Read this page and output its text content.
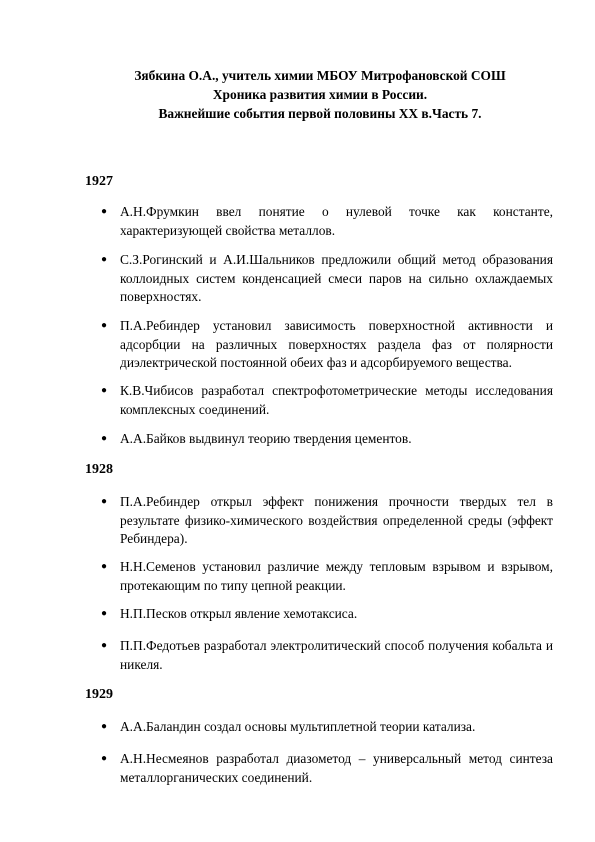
Зябкина О.А., учитель химии МБОУ Митрофановской СОШ
Хроника развития химии в России.
Важнейшие события первой половины XX в.Часть 7.
1927
● А.Н.Фрумкин ввел понятие о нулевой точке как константе, характеризующей свойства металлов.
● С.З.Рогинский и А.И.Шальников предложили общий метод образования коллоидных систем конденсацией смеси паров на сильно охлаждаемых поверхностях.
● П.А.Ребиндер установил зависимость поверхностной активности и адсорбции на различных поверхностях раздела фаз от полярности диэлектрической постоянной обеих фаз и адсорбируемого вещества.
● К.В.Чибисов разработал спектрофотометрические методы исследования комплексных соединений.
● А.А.Байков выдвинул теорию твердения цементов.
1928
● П.А.Ребиндер открыл эффект понижения прочности твердых тел в результате физико-химического воздействия определенной среды (эффект Ребиндера).
● Н.Н.Семенов установил различие между тепловым взрывом и взрывом, протекающим по типу цепной реакции.
● Н.П.Песков открыл явление хемотаксиса.
● П.П.Федотьев разработал электролитический способ получения кобальта и никеля.
1929
● А.А.Баландин создал основы мультиплетной теории катализа.
● А.Н.Несмеянов разработал диазометод – универсальный метод синтеза металлорганических соединений.
